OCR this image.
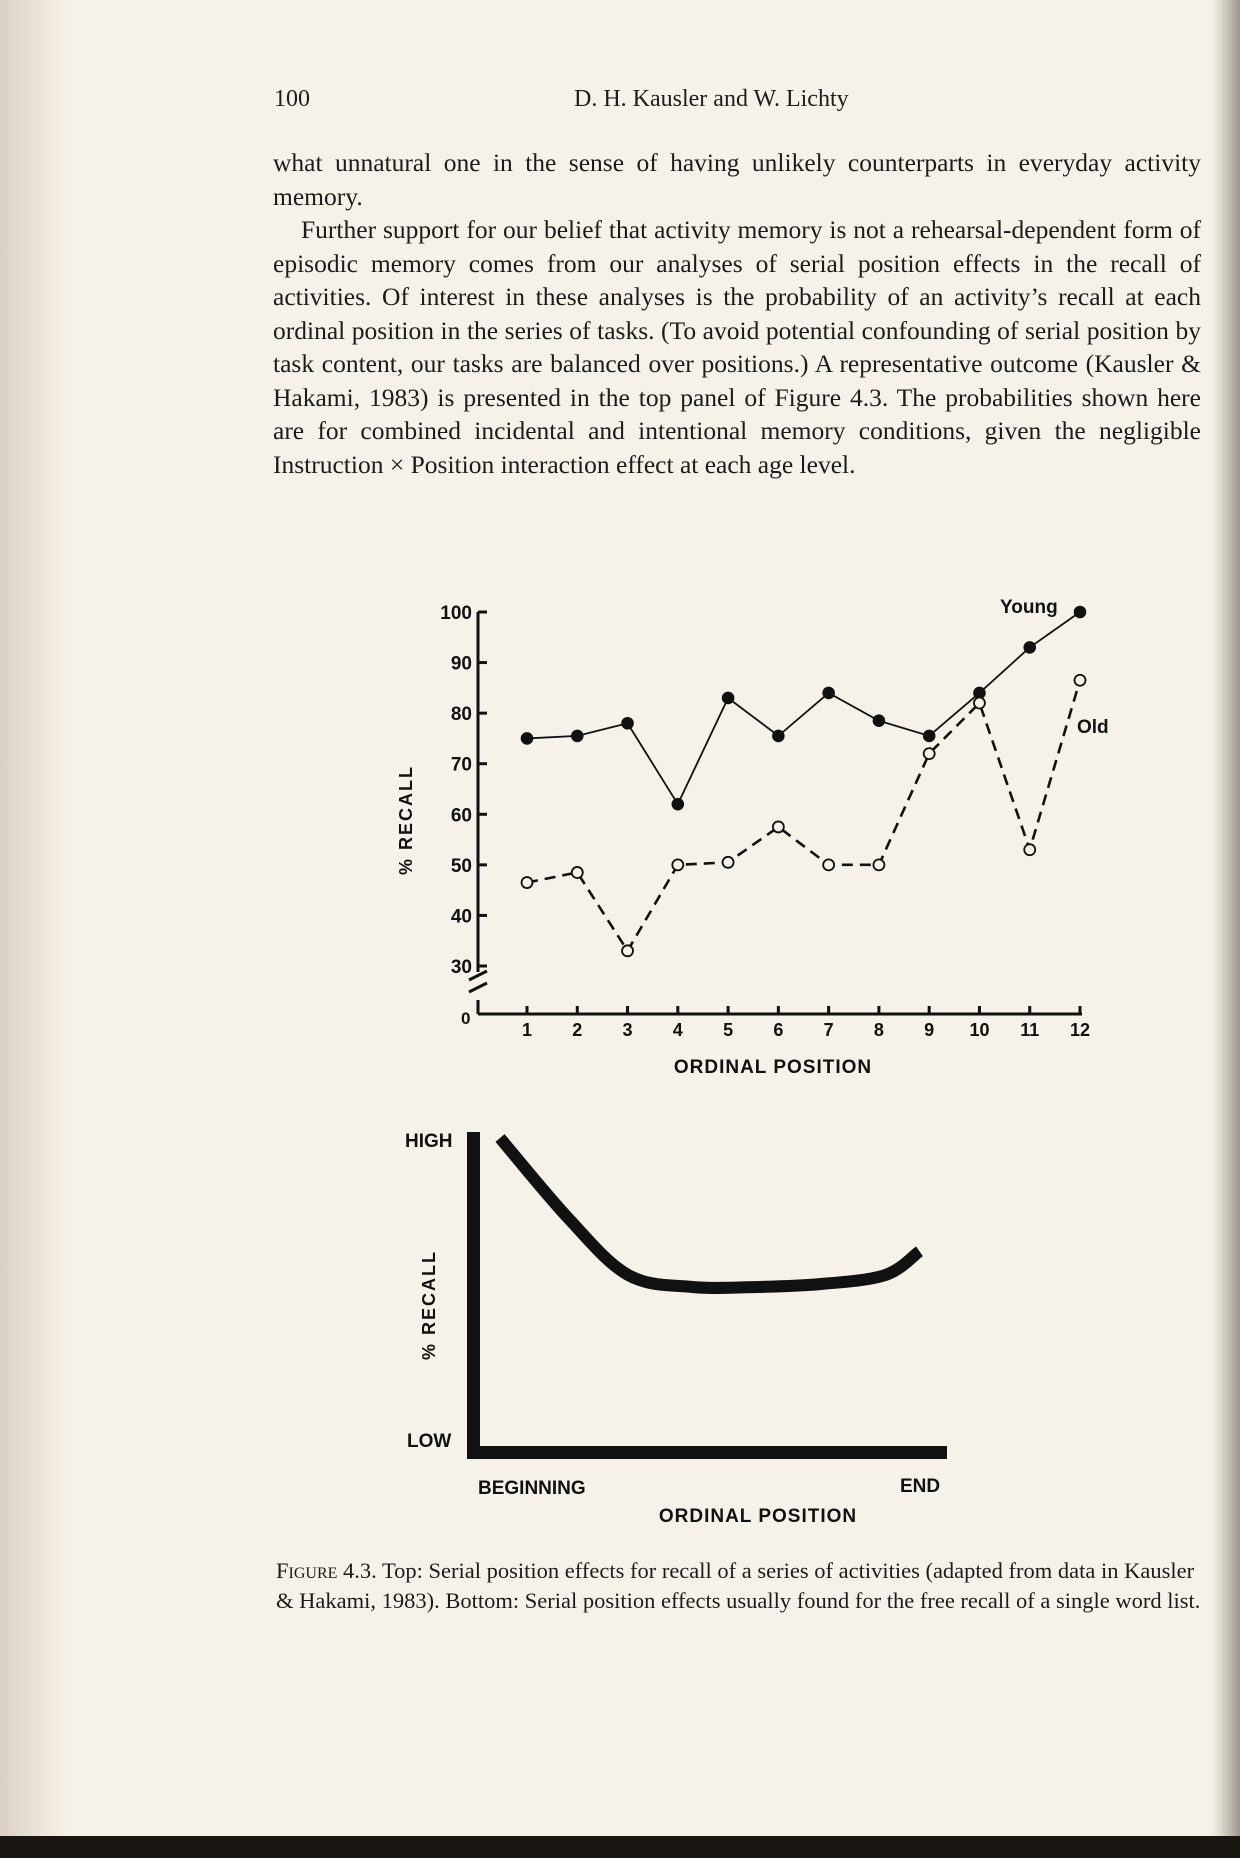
100	D. H. Kausler and W. Lichty

what unnatural one in the sense of having unlikely counterparts in everyday activity memory.

Further support for our belief that activity memory is not a rehearsal-dependent form of episodic memory comes from our analyses of serial position effects in the recall of activities. Of interest in these analyses is the probability of an activity’s recall at each ordinal position in the series of tasks. (To avoid potential confounding of serial position by task content, our tasks are balanced over positions.) A representative outcome (Kausler & Hakami, 1983) is presented in the top panel of Figure 4.3. The probabilities shown here are for combined incidental and intentional memory conditions, given the negligible Instruction × Position interaction effect at each age level.

100
90
80
70
60
50
40
30
1 2 3 4 5 6 7 8 9 10 11 12
% RECALL
ORDINAL POSITION
0
Young
Old
HIGH
LOW
% RECALL
BEGINNING	END
ORDINAL POSITION
Figure 4.3. Top: Serial position effects for recall of a series of activities (adapted from data in Kausler & Hakami, 1983). Bottom: Serial position effects usually found for the free recall of a single word list.
